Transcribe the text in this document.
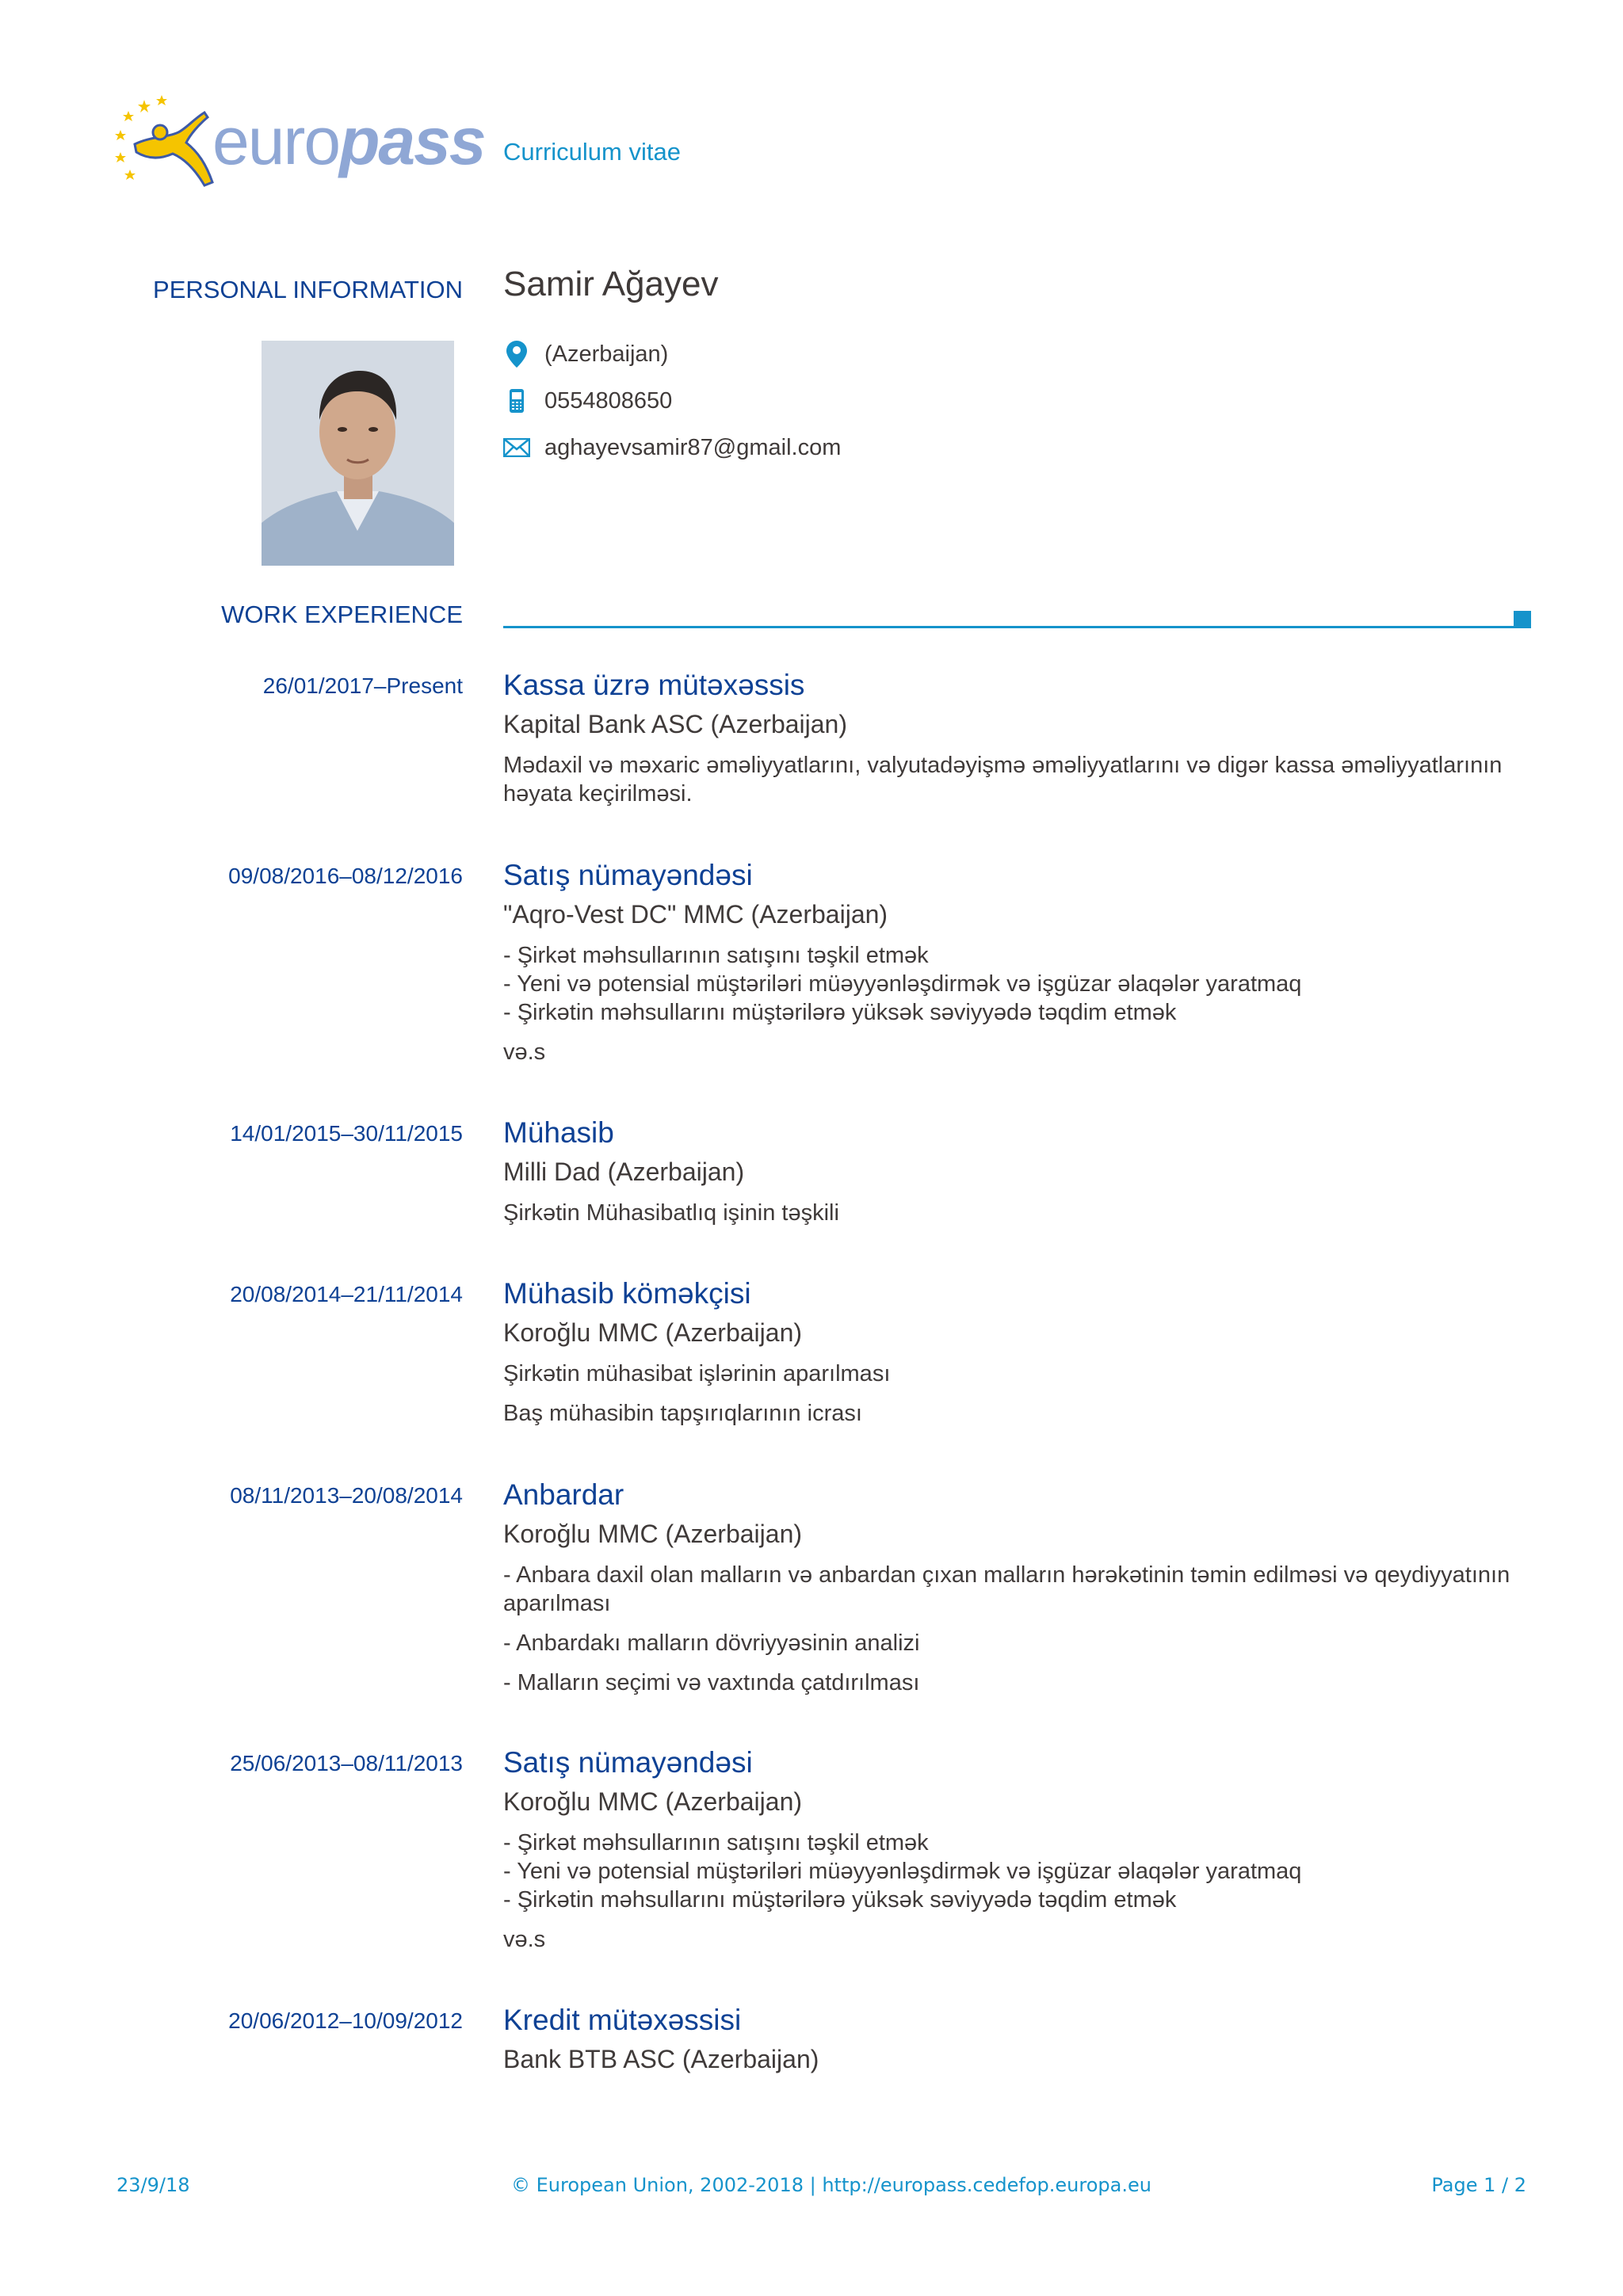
europass Curriculum vitae
PERSONAL INFORMATION Samir Ağayev
(Azerbaijan)
0554808650
aghayevsamir87@gmail.com
WORK EXPERIENCE
26/01/2017–Present Kassa üzrə mütəxəssis
Kapital Bank ASC (Azerbaijan)

Mədaxil və məxaric əməliyyatlarını, valyutadəyişmə əməliyyatlarını və digər kassa əməliyyatlarının

həyata keçirilməsi.

09/08/2016–08/12/2016 Satış nümayəndəsi
"Aqro-Vest DC" MMC (Azerbaijan)

- Şirkət məhsullarının satışını təşkil etmək

- Yeni və potensial müştəriləri müəyyənləşdirmək və işgüzar əlaqələr yaratmaq

- Şirkətin məhsullarını müştərilərə yüksək səviyyədə təqdim etmək

və.s

14/01/2015–30/11/2015 Mühasib
Milli Dad (Azerbaijan)

Şirkətin Mühasibatlıq işinin təşkili

20/08/2014–21/11/2014 Mühasib köməkçisi
Koroğlu MMC (Azerbaijan)

Şirkətin mühasibat işlərinin aparılması

Baş mühasibin tapşırıqlarının icrası

08/11/2013–20/08/2014 Anbardar
Koroğlu MMC (Azerbaijan)

- Anbara daxil olan malların və anbardan çıxan malların hərəkətinin təmin edilməsi və qeydiyyatının

aparılması

- Anbardakı malların dövriyyəsinin analizi

- Malların seçimi və vaxtında çatdırılması

25/06/2013–08/11/2013 Satış nümayəndəsi
Koroğlu MMC (Azerbaijan)

- Şirkət məhsullarının satışını təşkil etmək

- Yeni və potensial müştəriləri müəyyənləşdirmək və işgüzar əlaqələr yaratmaq

- Şirkətin məhsullarını müştərilərə yüksək səviyyədə təqdim etmək

və.s

20/06/2012–10/09/2012 Kredit mütəxəssisi
Bank BTB ASC (Azerbaijan)
23/9/18	© European Union, 2002-2018 | http://europass.cedefop.europa.eu	Page 1 / 2
